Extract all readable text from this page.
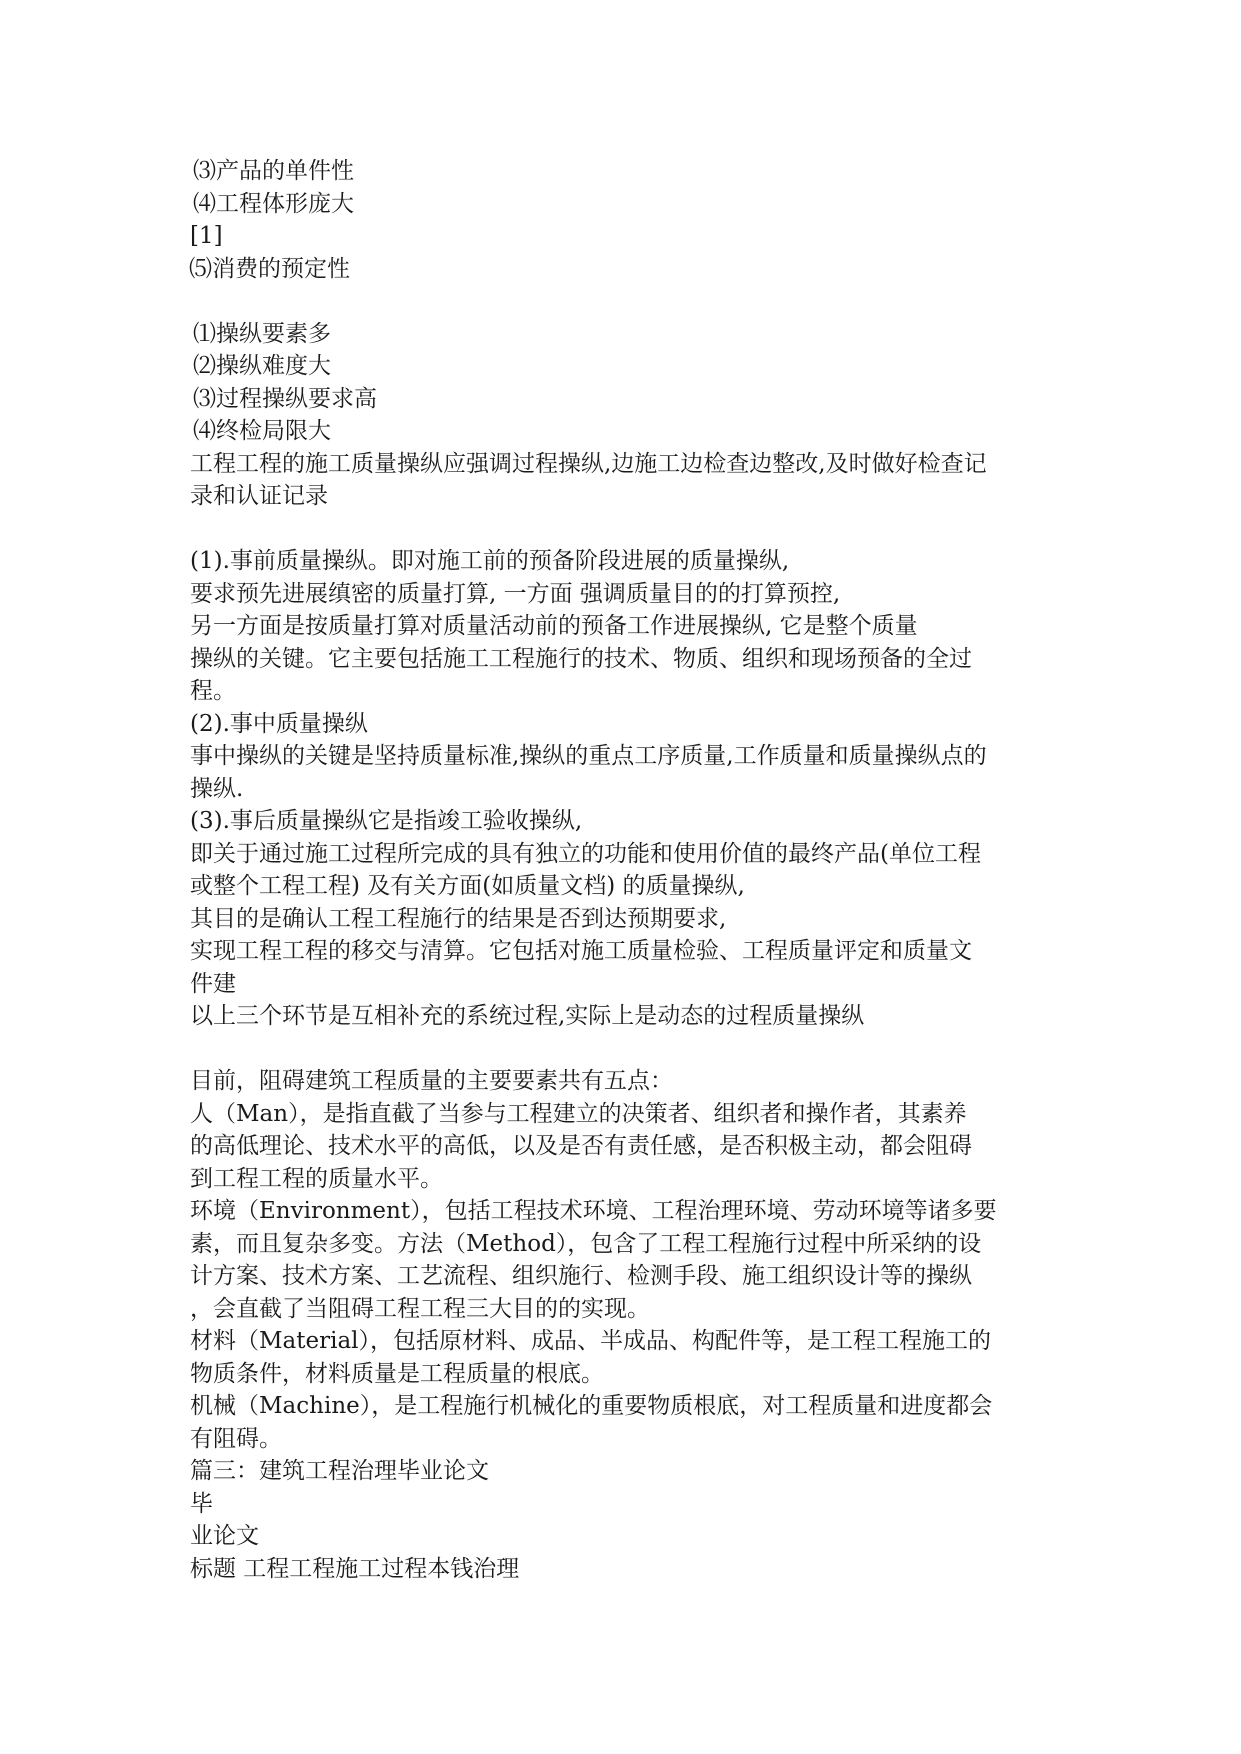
⑶产品的单件性
⑷工程体形庞大
[1]
⑸消费的预定性
⑴操纵要素多
⑵操纵难度大
⑶过程操纵要求高
⑷终检局限大
工程工程的施工质量操纵应强调过程操纵,边施工边检查边整改,及时做好检查记
录和认证记录
(1).事前质量操纵。即对施工前的预备阶段进展的质量操纵,
要求预先进展缜密的质量打算, 一方面 强调质量目的的打算预控,
另一方面是按质量打算对质量活动前的预备工作进展操纵, 它是整个质量
操纵的关键。它主要包括施工工程施行的技术、物质、组织和现场预备的全过
程。
(2).事中质量操纵
事中操纵的关键是坚持质量标准,操纵的重点工序质量,工作质量和质量操纵点的
操纵.
(3).事后质量操纵它是指竣工验收操纵,
即关于通过施工过程所完成的具有独立的功能和使用价值的最终产品(单位工程
或整个工程工程) 及有关方面(如质量文档) 的质量操纵,
其目的是确认工程工程施行的结果是否到达预期要求,
实现工程工程的移交与清算。它包括对施工质量检验、工程质量评定和质量文
件建
以上三个环节是互相补充的系统过程,实际上是动态的过程质量操纵
目前，阻碍建筑工程质量的主要要素共有五点：
人（Man），是指直截了当参与工程建立的决策者、组织者和操作者，其素养
的高低理论、技术水平的高低，以及是否有责任感，是否积极主动，都会阻碍
到工程工程的质量水平。
环境（Environment），包括工程技术环境、工程治理环境、劳动环境等诸多要
素，而且复杂多变。方法（Method），包含了工程工程施行过程中所采纳的设
计方案、技术方案、工艺流程、组织施行、检测手段、施工组织设计等的操纵
，会直截了当阻碍工程工程三大目的的实现。
材料（Material），包括原材料、成品、半成品、构配件等，是工程工程施工的
物质条件，材料质量是工程质量的根底。
机械（Machine），是工程施行机械化的重要物质根底，对工程质量和进度都会
有阻碍。
篇三：建筑工程治理毕业论文
毕
业论文
标题 工程工程施工过程本钱治理
